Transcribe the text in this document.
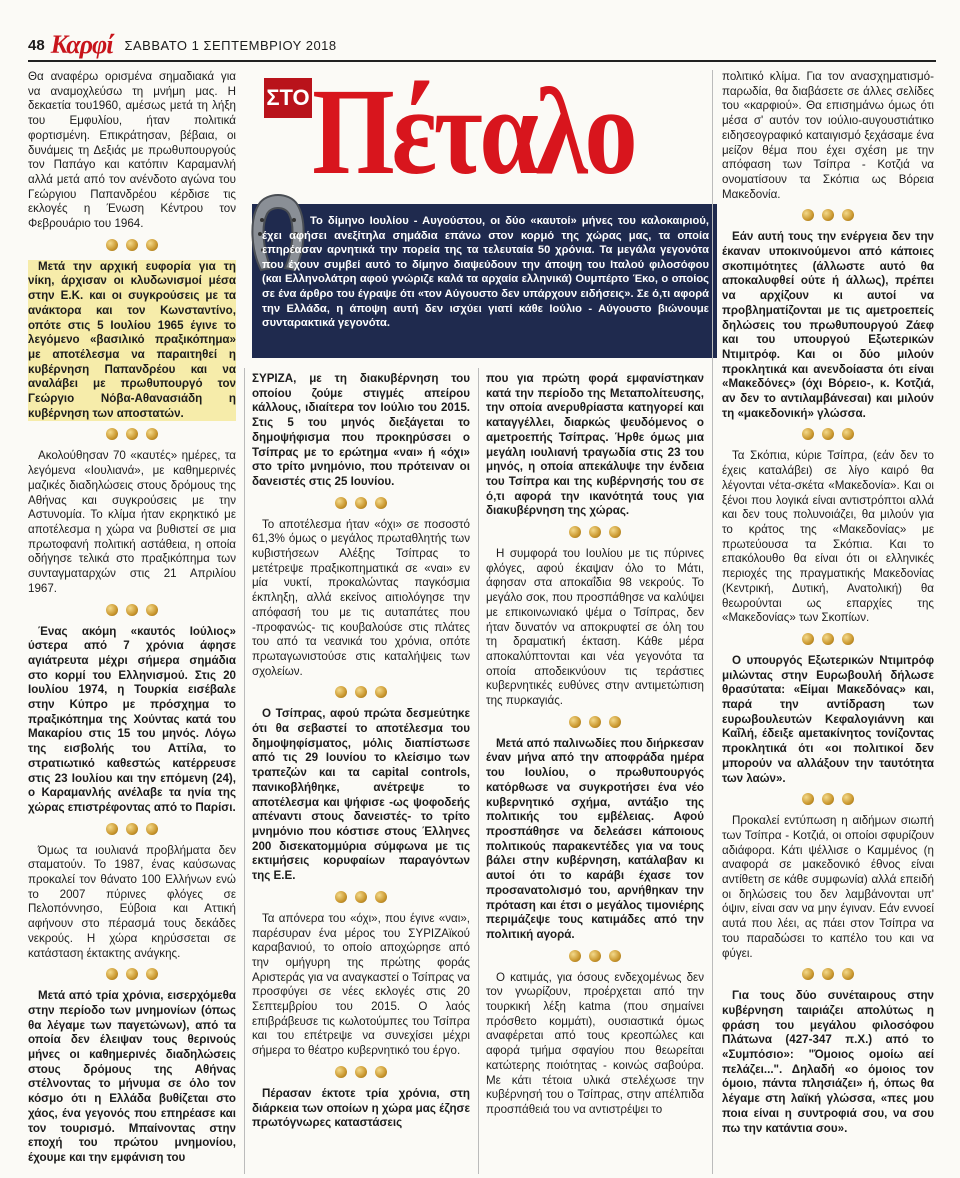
48 Καρφί ΣΑΒΒΑΤΟ 1 ΣΕΠΤΕΜΒΡΙΟΥ 2018
ΣΤΟ Πέταλο

Το δίμηνο Ιουλίου - Αυγούστου, οι δύο «καυτοί» μήνες του καλοκαιριού, έχει αφήσει ανεξίτηλα σημάδια επάνω στον κορμό της χώρας μας, τα οποία επηρέασαν αρνητικά την πορεία της τα τελευταία 50 χρόνια. Τα μεγάλα γεγονότα που έχουν συμβεί αυτό το δίμηνο διαψεύδουν την άποψη του Ιταλού φιλοσόφου (και Ελληνολάτρη αφού γνώριζε καλά τα αρχαία ελληνικά) Ουμπέρτο Έκο, ο οποίος σε ένα άρθρο του έγραψε ότι «τον Αύγουστο δεν υπάρχουν ειδήσεις». Σε ό,τι αφορά την Ελλάδα, η άποψη αυτή δεν ισχύει γιατί κάθε Ιούλιο - Αύγουστο βιώνουμε συνταρακτικά γεγονότα.

Θα αναφέρω ορισμένα σημαδιακά για να αναμοχλεύσω τη μνήμη μας. Η δεκαετία του1960, αμέσως μετά τη λήξη του Εμφυλίου, ήταν πολιτικά φορτισμένη. Επικράτησαν, βέβαια, οι δυνάμεις τη Δεξιάς με πρωθυπουργούς τον Παπάγο και κατόπιν Καραμανλή αλλά μετά από τον ανένδοτο αγώνα του Γεώργιου Παπανδρέου κέρδισε τις εκλογές η Ένωση Κέντρου τον Φεβρουάριο του 1964.

Μετά την αρχική ευφορία για τη νίκη, άρχισαν οι κλυδωνισμοί μέσα στην Ε.Κ. και οι συγκρούσεις με τα ανάκτορα και τον Κωνσταντίνο, οπότε στις 5 Ιουλίου 1965 έγινε το λεγόμενο «βασιλικό πραξικόπημα» με αποτέλεσμα να παραιτηθεί η κυβέρνηση Παπανδρέου και να αναλάβει με πρωθυπουργό τον Γεώργιο Νόβα-Αθανασιάδη η κυβέρνηση των αποστατών.

Ακολούθησαν 70 «καυτές» ημέρες, τα λεγόμενα «Ιουλιανά», με καθημερινές μαζικές διαδηλώσεις στους δρόμους της Αθήνας και συγκρούσεις με την Αστυνομία. Το κλίμα ήταν εκρηκτικό με αποτέλεσμα η χώρα να βυθιστεί σε μια πρωτοφανή πολιτική αστάθεια, η οποία οδήγησε τελικά στο πραξικόπημα των συνταγματαρχών στις 21 Απριλίου 1967.

Ένας ακόμη «καυτός Ιούλιος» ύστερα από 7 χρόνια άφησε αγιάτρευτα μέχρι σήμερα σημάδια στο κορμί του Ελληνισμού. Στις 20 Ιουλίου 1974, η Τουρκία εισέβαλε στην Κύπρο με πρόσχημα το πραξικόπημα της Χούντας κατά του Μακαρίου στις 15 του μηνός. Λόγω της εισβολής του Αττίλα, το στρατιωτικό καθεστώς κατέρρευσε στις 23 Ιουλίου και την επόμενη (24), ο Καραμανλής ανέλαβε τα ηνία της χώρας επιστρέφοντας από το Παρίσι.

Όμως τα ιουλιανά προβλήματα δεν σταματούν. Το 1987, ένας καύσωνας προκαλεί τον θάνατο 100 Ελλήνων ενώ το 2007 πύρινες φλόγες σε Πελοπόννησο, Εύβοια και Αττική αφήνουν στο πέρασμά τους δεκάδες νεκρούς. Η χώρα κηρύσσεται σε κατάσταση έκτακτης ανάγκης.

Μετά από τρία χρόνια, εισερχόμεθα στην περίοδο των μνημονίων (όπως θα λέγαμε των παγετώνων), από τα οποία δεν έλειψαν τους θερινούς μήνες οι καθημερινές διαδηλώσεις στους δρόμους της Αθήνας στέλνοντας το μήνυμα σε όλο τον κόσμο ότι η Ελλάδα βυθίζεται στο χάος, ένα γεγονός που επηρέασε και τον τουρισμό. Μπαίνοντας στην εποχή του πρώτου μνημονίου, έχουμε και την εμφάνιση του

ΣΥΡΙΖΑ, με τη διακυβέρνηση του οποίου ζούμε στιγμές απείρου κάλλους, ιδιαίτερα τον Ιούλιο του 2015. Στις 5 του μηνός διεξάγεται το δημοψήφισμα που προκηρύσσει ο Τσίπρας με το ερώτημα «ναι» ή «όχι» στο τρίτο μνημόνιο, που πρότειναν οι δανειστές στις 25 Ιουνίου.

Το αποτέλεσμα ήταν «όχι» σε ποσοστό 61,3% όμως ο μεγάλος πρωταθλητής των κυβιστήσεων Αλέξης Τσίπρας το μετέτρεψε πραξικοπηματικά σε «ναι» εν μία νυκτί, προκαλώντας παγκόσμια έκπληξη, αλλά εκείνος αιτιολόγησε την απόφασή του με τις αυταπάτες που -προφανώς- τις κουβαλούσε στις πλάτες του από τα νεανικά του χρόνια, οπότε πρωταγωνιστούσε στις καταλήψεις των σχολείων.

Ο Τσίπρας, αφού πρώτα δεσμεύτηκε ότι θα σεβαστεί το αποτέλεσμα του δημοψηφίσματος, μόλις διαπίστωσε από τις 29 Ιουνίου το κλείσιμο των τραπεζών και τα capital controls, πανικοβλήθηκε, ανέτρεψε το αποτέλεσμα και ψήφισε -ως ψοφοδεής απέναντι στους δανειστές- το τρίτο μνημόνιο που κόστισε στους Έλληνες 200 δισεκατομμύρια σύμφωνα με τις εκτιμήσεις κορυφαίων παραγόντων της Ε.Ε.

Τα απόνερα του «όχι», που έγινε «ναι», παρέσυραν ένα μέρος του ΣΥΡΙΖΑϊκού καραβανιού, το οποίο αποχώρησε από την ομήγυρη της πρώτης φοράς Αριστεράς για να αναγκαστεί ο Τσίπρας να προσφύγει σε νέες εκλογές στις 20 Σεπτεμβρίου του 2015. Ο λαός επιβράβευσε τις κωλοτούμπες του Τσίπρα και του επέτρεψε να συνεχίσει μέχρι σήμερα το θέατρο κυβερνητικό του έργο.

Πέρασαν έκτοτε τρία χρόνια, στη διάρκεια των οποίων η χώρα μας έζησε πρωτόγνωρες καταστάσεις

που για πρώτη φορά εμφανίστηκαν κατά την περίοδο της Μεταπολίτευσης, την οποία ανερυθρίαστα κατηγορεί και καταγγέλλει, διαρκώς ψευδόμενος ο αμετροεπής Τσίπρας. Ήρθε όμως μια μεγάλη ιουλιανή τραγωδία στις 23 του μηνός, η οποία απεκάλυψε την ένδεια του Τσίπρα και της κυβέρνησής του σε ό,τι αφορά την ικανότητά τους για διακυβέρνηση της χώρας.

Η συμφορά του Ιουλίου με τις πύρινες φλόγες, αφού έκαψαν όλο το Μάτι, άφησαν στα αποκαΐδια 98 νεκρούς. Το μεγάλο σοκ, που προσπάθησε να καλύψει με επικοινωνιακό ψέμα ο Τσίπρας, δεν ήταν δυνατόν να αποκρυφτεί σε όλη του τη δραματική έκταση. Κάθε μέρα αποκαλύπτονται και νέα γεγονότα τα οποία αποδεικνύουν τις τεράστιες κυβερνητικές ευθύνες στην αντιμετώπιση της πυρκαγιάς.

Μετά από παλινωδίες που διήρκεσαν έναν μήνα από την αποφράδα ημέρα του Ιουλίου, ο πρωθυπουργός κατόρθωσε να συγκροτήσει ένα νέο κυβερνητικό σχήμα, αντάξιο της πολιτικής του εμβέλειας. Αφού προσπάθησε να δελεάσει κάποιους πολιτικούς παρακεντέδες για να τους βάλει στην κυβέρνηση, κατάλαβαν κι αυτοί ότι το καράβι έχασε τον προσανατολισμό του, αρνήθηκαν την πρόταση και έτσι ο μεγάλος τιμονιέρης περιμάζεψε τους κατιμάδες από την πολιτική αγορά.

Ο κατιμάς, για όσους ενδεχομένως δεν τον γνωρίζουν, προέρχεται από την τουρκική λέξη katma (που σημαίνει πρόσθετο κομμάτι), ουσιαστικά όμως αναφέρεται από τους κρεοπώλες και αφορά τμήμα σφαγίου που θεωρείται κατώτερης ποιότητας - κοινώς σαβούρα. Με κάτι τέτοια υλικά στελέχωσε την κυβέρνησή του ο Τσίπρας, στην απέλπιδα προσπάθειά του να αντιστρέψει το

πολιτικό κλίμα. Για τον ανασχηματισμό-παρωδία, θα διαβάσετε σε άλλες σελίδες του «καρφιού». Θα επισημάνω όμως ότι μέσα σ' αυτόν τον ιούλιο-αυγουστιάτικο ειδησεογραφικό καταιγισμό ξεχάσαμε ένα μείζον θέμα που έχει σχέση με την απόφαση των Τσίπρα - Κοτζιά να ονοματίσουν τα Σκόπια ως Βόρεια Μακεδονία.

Εάν αυτή τους την ενέργεια δεν την έκαναν υποκινούμενοι από κάποιες σκοπιμότητες (άλλωστε αυτό θα αποκαλυφθεί ούτε ή άλλως), πρέπει να αρχίζουν κι αυτοί να προβληματίζονται με τις αμετροεπείς δηλώσεις του πρωθυπουργού Ζάεφ και του υπουργού Εξωτερικών Ντιμιτρόφ. Και οι δύο μιλούν προκλητικά και ανενδοίαστα ότι είναι «Μακεδόνες» (όχι Βόρειο-, κ. Κοτζιά, αν δεν το αντιλαμβάνεσαι) και μιλούν τη «μακεδονική» γλώσσα.

Τα Σκόπια, κύριε Τσίπρα, (εάν δεν το έχεις καταλάβει) σε λίγο καιρό θα λέγονται νέτα-σκέτα «Μακεδονία». Και οι ξένοι που λογικά είναι αντιστρόπτοι αλλά και δεν τους πολυνοιάζει, θα μιλούν για το κράτος της «Μακεδονίας» με πρωτεύουσα τα Σκόπια. Και το επακόλουθο θα είναι ότι οι ελληνικές περιοχές της πραγματικής Μακεδονίας (Κεντρική, Δυτική, Ανατολική) θα θεωρούνται ως επαρχίες της «Μακεδονίας» των Σκοπίων.

Ο υπουργός Εξωτερικών Ντιμιτρόφ μιλώντας στην Ευρωβουλή δήλωσε θρασύτατα: «Είμαι Μακεδόνας» και, παρά την αντίδραση των ευρωβουλευτών Κεφαλογιάννη και Καΐλή, έδειξε αμετακίνητος τονίζοντας προκλητικά ότι «οι πολιτικοί δεν μπορούν να αλλάξουν την ταυτότητα των λαών».

Προκαλεί εντύπωση η αιδήμων σιωπή των Τσίπρα - Κοτζιά, οι οποίοι σφυρίζουν αδιάφορα. Κάτι ψέλλισε ο Καμμένος (η αναφορά σε μακεδονικό έθνος είναι αντίθετη σε κάθε συμφωνία) αλλά επειδή οι δηλώσεις του δεν λαμβάνονται υπ' όψιν, είναι σαν να μην έγιναν. Εάν εννοεί αυτά που λέει, ας πάει στον Τσίπρα να του παραδώσει το καπέλο του και να φύγει.

Για τους δύο συνέταιρους στην κυβέρνηση ταιριάζει απολύτως η φράση του μεγάλου φιλοσόφου Πλάτωνα (427-347 π.Χ.) από το «Συμπόσιο»: "Όμοιος ομοίω αεί πελάζει...". Δηλαδή «ο όμοιος τον όμοιο, πάντα πλησιάζει» ή, όπως θα λέγαμε στη λαϊκή γλώσσα, «πες μου ποια είναι η συντροφιά σου, να σου πω την κατάντια σου».
